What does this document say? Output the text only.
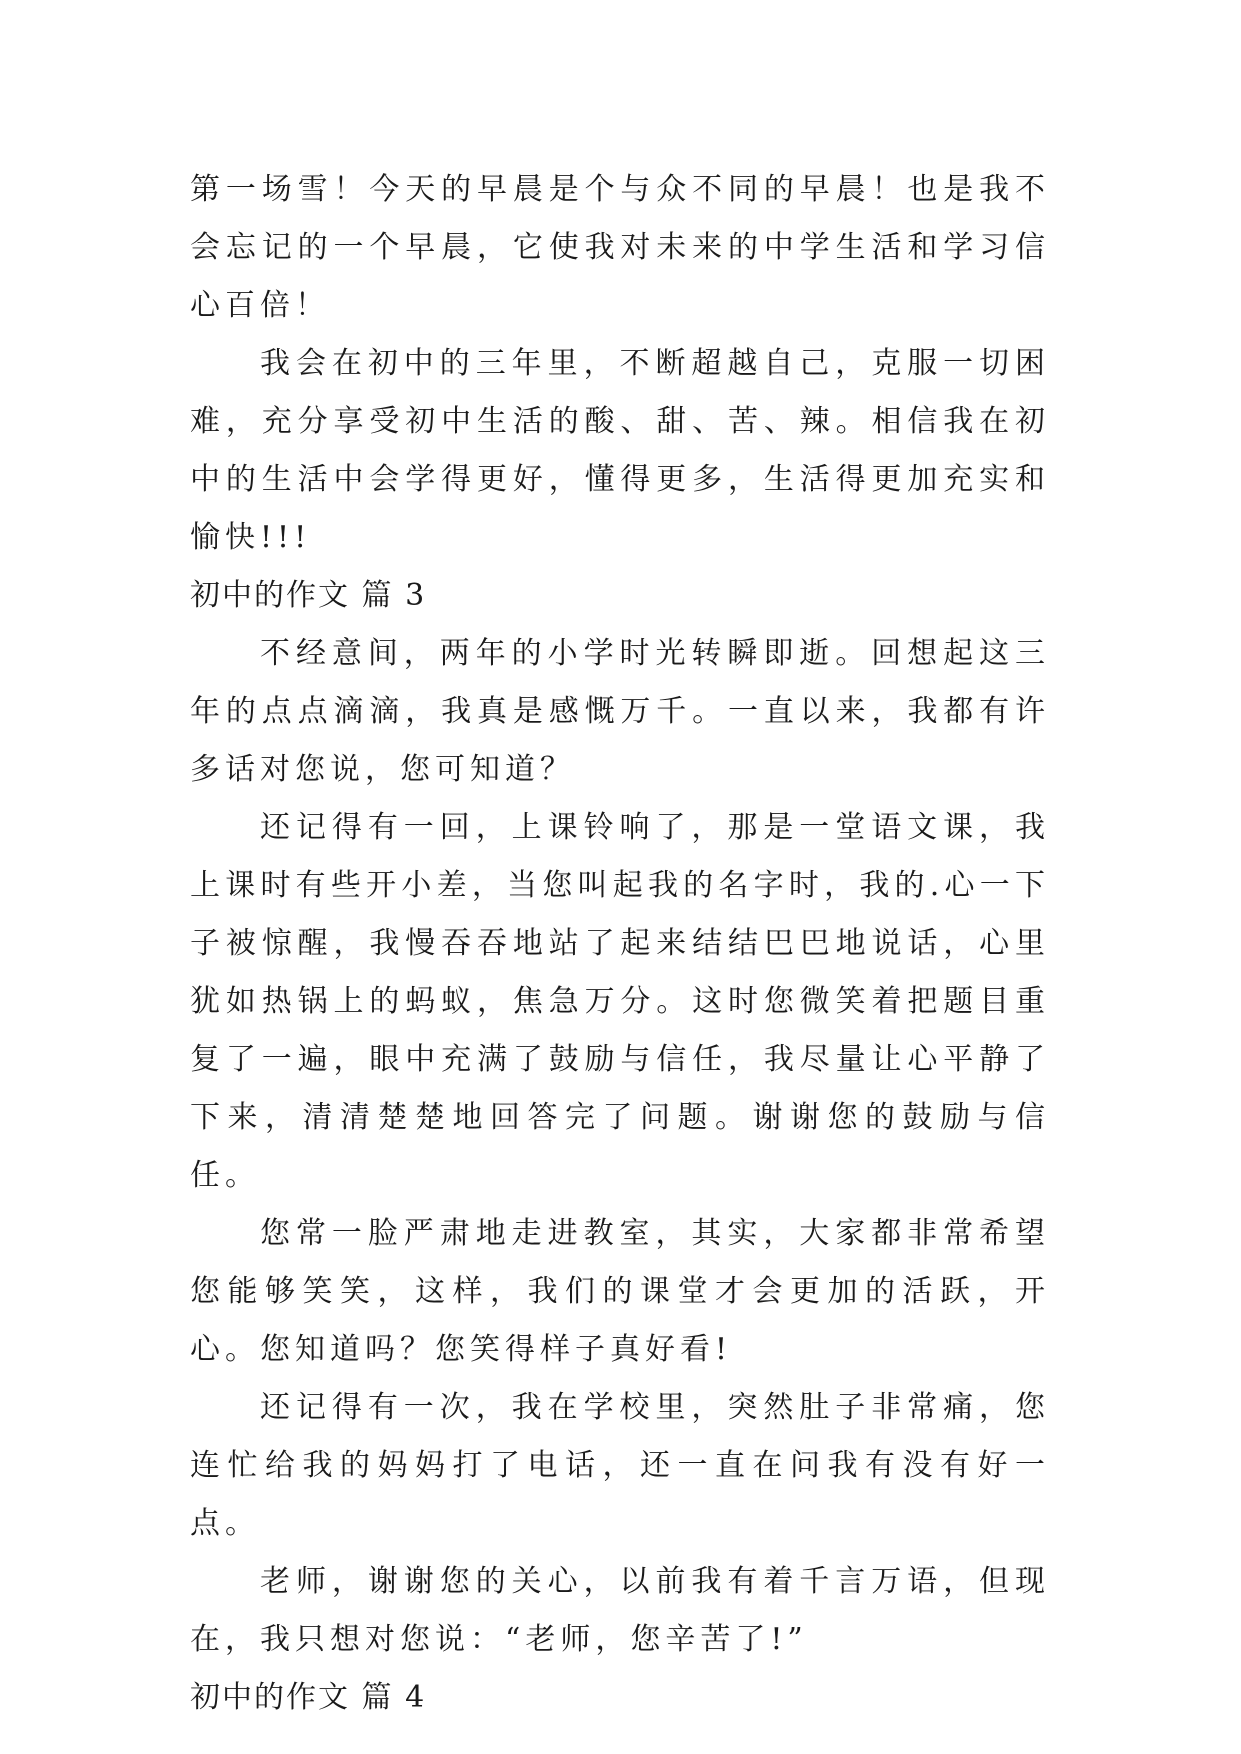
第一场雪！今天的早晨是个与众不同的早晨！也是我不会忘记的一个早晨，它使我对未来的中学生活和学习信心百倍！

我会在初中的三年里，不断超越自己，克服一切困难，充分享受初中生活的酸、甜、苦、辣。相信我在初中的生活中会学得更好，懂得更多，生活得更加充实和愉快!!!

初中的作文 篇 3

不经意间，两年的小学时光转瞬即逝。回想起这三年的点点滴滴，我真是感慨万千。一直以来，我都有许多话对您说，您可知道？

还记得有一回，上课铃响了，那是一堂语文课，我上课时有些开小差，当您叫起我的名字时，我的.心一下子被惊醒，我慢吞吞地站了起来结结巴巴地说话，心里犹如热锅上的蚂蚁，焦急万分。这时您微笑着把题目重复了一遍，眼中充满了鼓励与信任，我尽量让心平静了下来，清清楚楚地回答完了问题。谢谢您的鼓励与信任。

您常一脸严肃地走进教室，其实，大家都非常希望您能够笑笑，这样，我们的课堂才会更加的活跃，开心。您知道吗？您笑得样子真好看!

还记得有一次，我在学校里，突然肚子非常痛，您连忙给我的妈妈打了电话，还一直在问我有没有好一点。

老师，谢谢您的关心，以前我有着千言万语，但现在，我只想对您说：“老师，您辛苦了!”

初中的作文 篇 4
